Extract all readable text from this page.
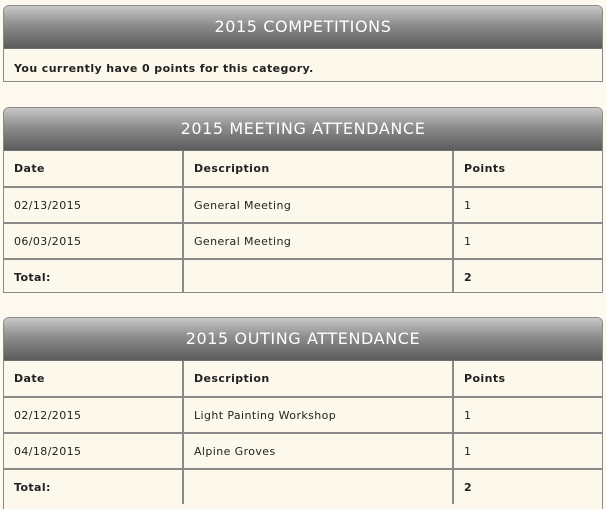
2015 COMPETITIONS
You currently have 0 points for this category.
2015 MEETING ATTENDANCE
Date	Description	Points
02/13/2015	General Meeting	1
06/03/2015	General Meeting	1
Total:		2
2015 OUTING ATTENDANCE
Date	Description	Points
02/12/2015	Light Painting Workshop	1
04/18/2015	Alpine Groves	1
Total:		2
